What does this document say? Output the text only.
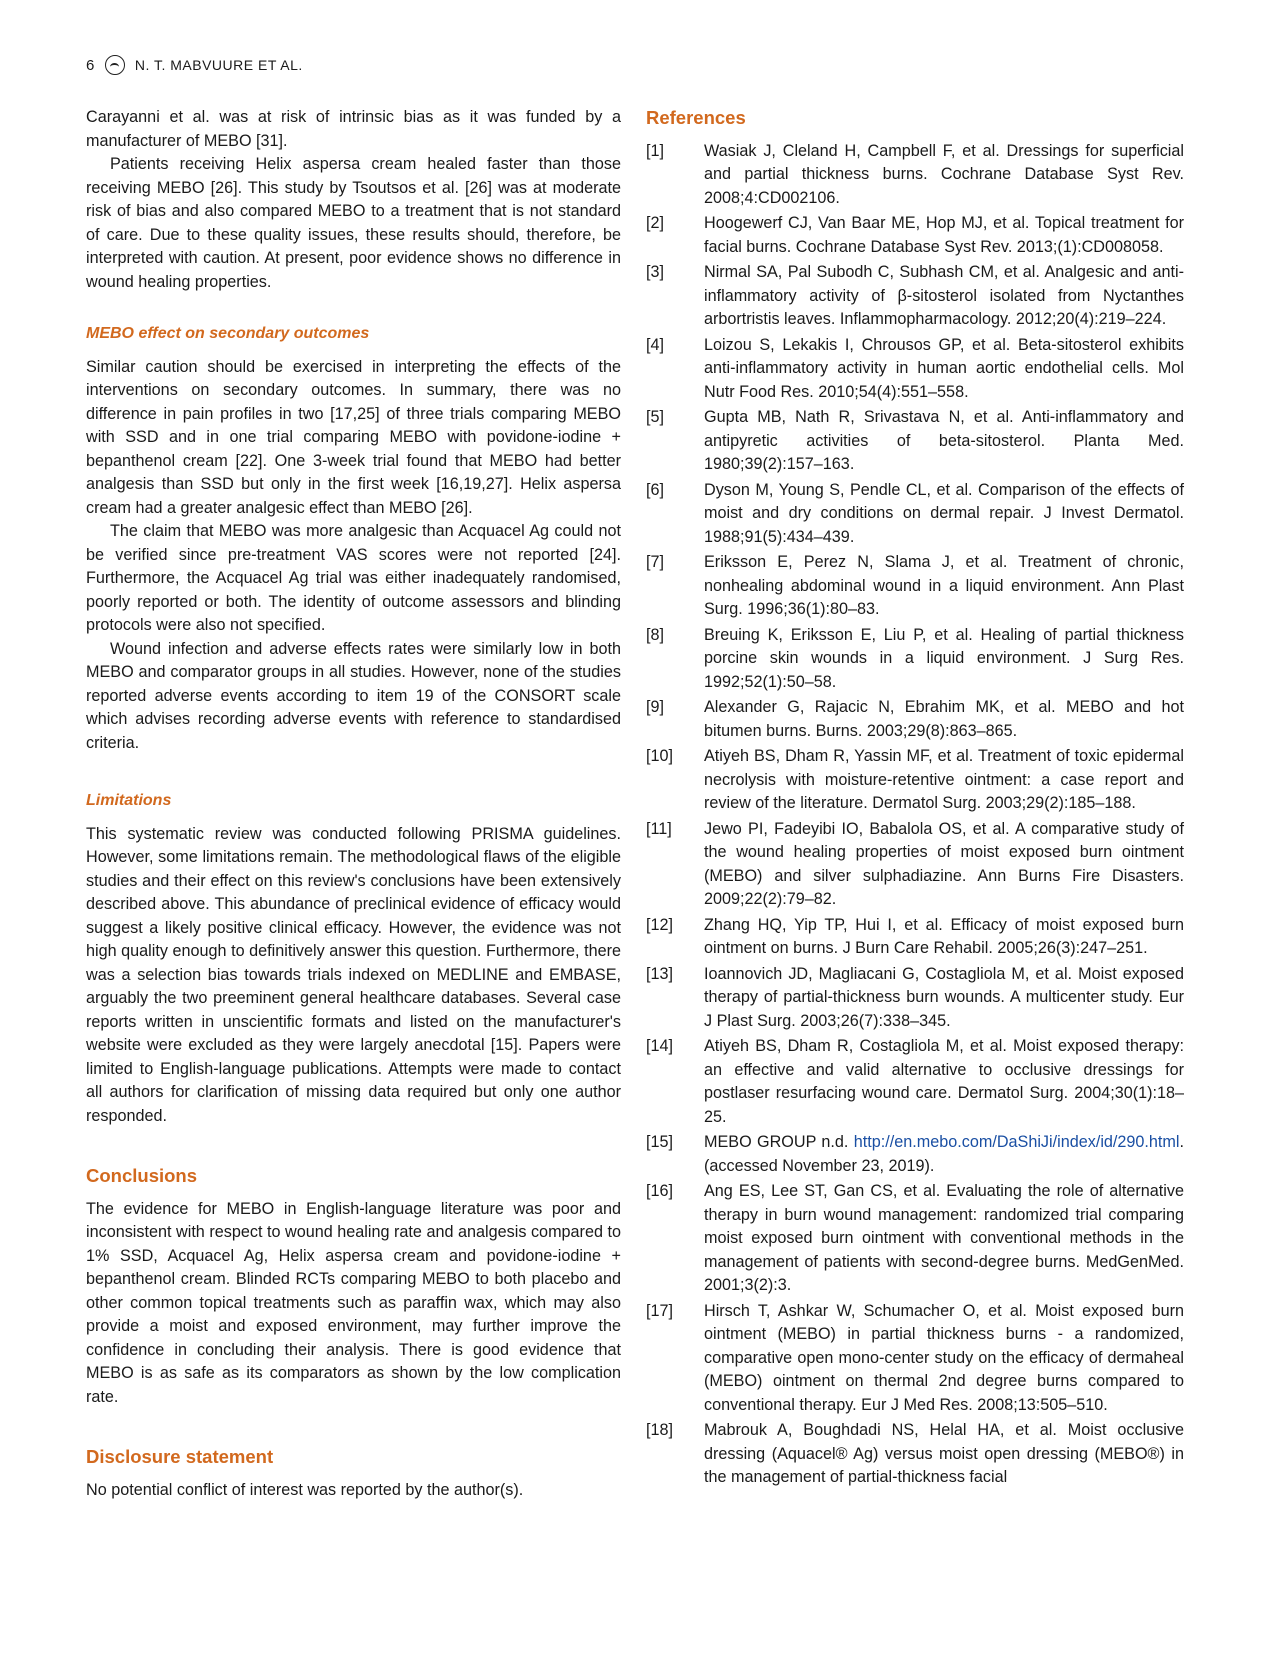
6	N. T. MABVUURE ET AL.

Carayanni et al. was at risk of intrinsic bias as it was funded by a manufacturer of MEBO [31].

Patients receiving Helix aspersa cream healed faster than those receiving MEBO [26]. This study by Tsoutsos et al. [26] was at moderate risk of bias and also compared MEBO to a treatment that is not standard of care. Due to these quality issues, these results should, therefore, be interpreted with caution. At present, poor evidence shows no difference in wound healing properties.

MEBO effect on secondary outcomes

Similar caution should be exercised in interpreting the effects of the interventions on secondary outcomes. In summary, there was no difference in pain profiles in two [17,25] of three trials comparing MEBO with SSD and in one trial comparing MEBO with povidone-iodine + bepanthenol cream [22]. One 3-week trial found that MEBO had better analgesis than SSD but only in the first week [16,19,27]. Helix aspersa cream had a greater analgesic effect than MEBO [26].

The claim that MEBO was more analgesic than Acquacel Ag could not be verified since pre-treatment VAS scores were not reported [24]. Furthermore, the Acquacel Ag trial was either inadequately randomised, poorly reported or both. The identity of outcome assessors and blinding protocols were also not specified.

Wound infection and adverse effects rates were similarly low in both MEBO and comparator groups in all studies. However, none of the studies reported adverse events according to item 19 of the CONSORT scale which advises recording adverse events with reference to standardised criteria.

Limitations

This systematic review was conducted following PRISMA guidelines. However, some limitations remain. The methodological flaws of the eligible studies and their effect on this review's conclusions have been extensively described above. This abundance of preclinical evidence of efficacy would suggest a likely positive clinical efficacy. However, the evidence was not high quality enough to definitively answer this question. Furthermore, there was a selection bias towards trials indexed on MEDLINE and EMBASE, arguably the two preeminent general healthcare databases. Several case reports written in unscientific formats and listed on the manufacturer's website were excluded as they were largely anecdotal [15]. Papers were limited to English-language publications. Attempts were made to contact all authors for clarification of missing data required but only one author responded.

Conclusions

The evidence for MEBO in English-language literature was poor and inconsistent with respect to wound healing rate and analgesis compared to 1% SSD, Acquacel Ag, Helix aspersa cream and povidone-iodine + bepanthenol cream. Blinded RCTs comparing MEBO to both placebo and other common topical treatments such as paraffin wax, which may also provide a moist and exposed environment, may further improve the confidence in concluding their analysis. There is good evidence that MEBO is as safe as its comparators as shown by the low complication rate.

Disclosure statement

No potential conflict of interest was reported by the author(s).

References
[1]	Wasiak J, Cleland H, Campbell F, et al. Dressings for superficial and partial thickness burns. Cochrane Database Syst Rev. 2008;4:CD002106.
[2]	Hoogewerf CJ, Van Baar ME, Hop MJ, et al. Topical treatment for facial burns. Cochrane Database Syst Rev. 2013;(1):CD008058.
[3]	Nirmal SA, Pal Subodh C, Subhash CM, et al. Analgesic and anti-inflammatory activity of β-sitosterol isolated from Nyctanthes arbortristis leaves. Inflammopharmacology. 2012;20(4):219–224.
[4]	Loizou S, Lekakis I, Chrousos GP, et al. Beta-sitosterol exhibits anti-inflammatory activity in human aortic endothelial cells. Mol Nutr Food Res. 2010;54(4):551–558.
[5]	Gupta MB, Nath R, Srivastava N, et al. Anti-inflammatory and antipyretic activities of beta-sitosterol. Planta Med. 1980;39(2):157–163.
[6]	Dyson M, Young S, Pendle CL, et al. Comparison of the effects of moist and dry conditions on dermal repair. J Invest Dermatol. 1988;91(5):434–439.
[7]	Eriksson E, Perez N, Slama J, et al. Treatment of chronic, nonhealing abdominal wound in a liquid environment. Ann Plast Surg. 1996;36(1):80–83.
[8]	Breuing K, Eriksson E, Liu P, et al. Healing of partial thickness porcine skin wounds in a liquid environment. J Surg Res. 1992;52(1):50–58.
[9]	Alexander G, Rajacic N, Ebrahim MK, et al. MEBO and hot bitumen burns. Burns. 2003;29(8):863–865.
[10]	Atiyeh BS, Dham R, Yassin MF, et al. Treatment of toxic epidermal necrolysis with moisture-retentive ointment: a case report and review of the literature. Dermatol Surg. 2003;29(2):185–188.
[11]	Jewo PI, Fadeyibi IO, Babalola OS, et al. A comparative study of the wound healing properties of moist exposed burn ointment (MEBO) and silver sulphadiazine. Ann Burns Fire Disasters. 2009;22(2):79–82.
[12]	Zhang HQ, Yip TP, Hui I, et al. Efficacy of moist exposed burn ointment on burns. J Burn Care Rehabil. 2005;26(3):247–251.
[13]	Ioannovich JD, Magliacani G, Costagliola M, et al. Moist exposed therapy of partial-thickness burn wounds. A multicenter study. Eur J Plast Surg. 2003;26(7):338–345.
[14]	Atiyeh BS, Dham R, Costagliola M, et al. Moist exposed therapy: an effective and valid alternative to occlusive dressings for postlaser resurfacing wound care. Dermatol Surg. 2004;30(1):18–25.
[15]	MEBO GROUP n.d. http://en.mebo.com/DaShiJi/index/id/290.html. (accessed November 23, 2019).
[16]	Ang ES, Lee ST, Gan CS, et al. Evaluating the role of alternative therapy in burn wound management: randomized trial comparing moist exposed burn ointment with conventional methods in the management of patients with second-degree burns. MedGenMed. 2001;3(2):3.
[17]	Hirsch T, Ashkar W, Schumacher O, et al. Moist exposed burn ointment (MEBO) in partial thickness burns - a randomized, comparative open mono-center study on the efficacy of dermaheal (MEBO) ointment on thermal 2nd degree burns compared to conventional therapy. Eur J Med Res. 2008;13:505–510.
[18]	Mabrouk A, Boughdadi NS, Helal HA, et al. Moist occlusive dressing (Aquacel® Ag) versus moist open dressing (MEBO®) in the management of partial-thickness facial
